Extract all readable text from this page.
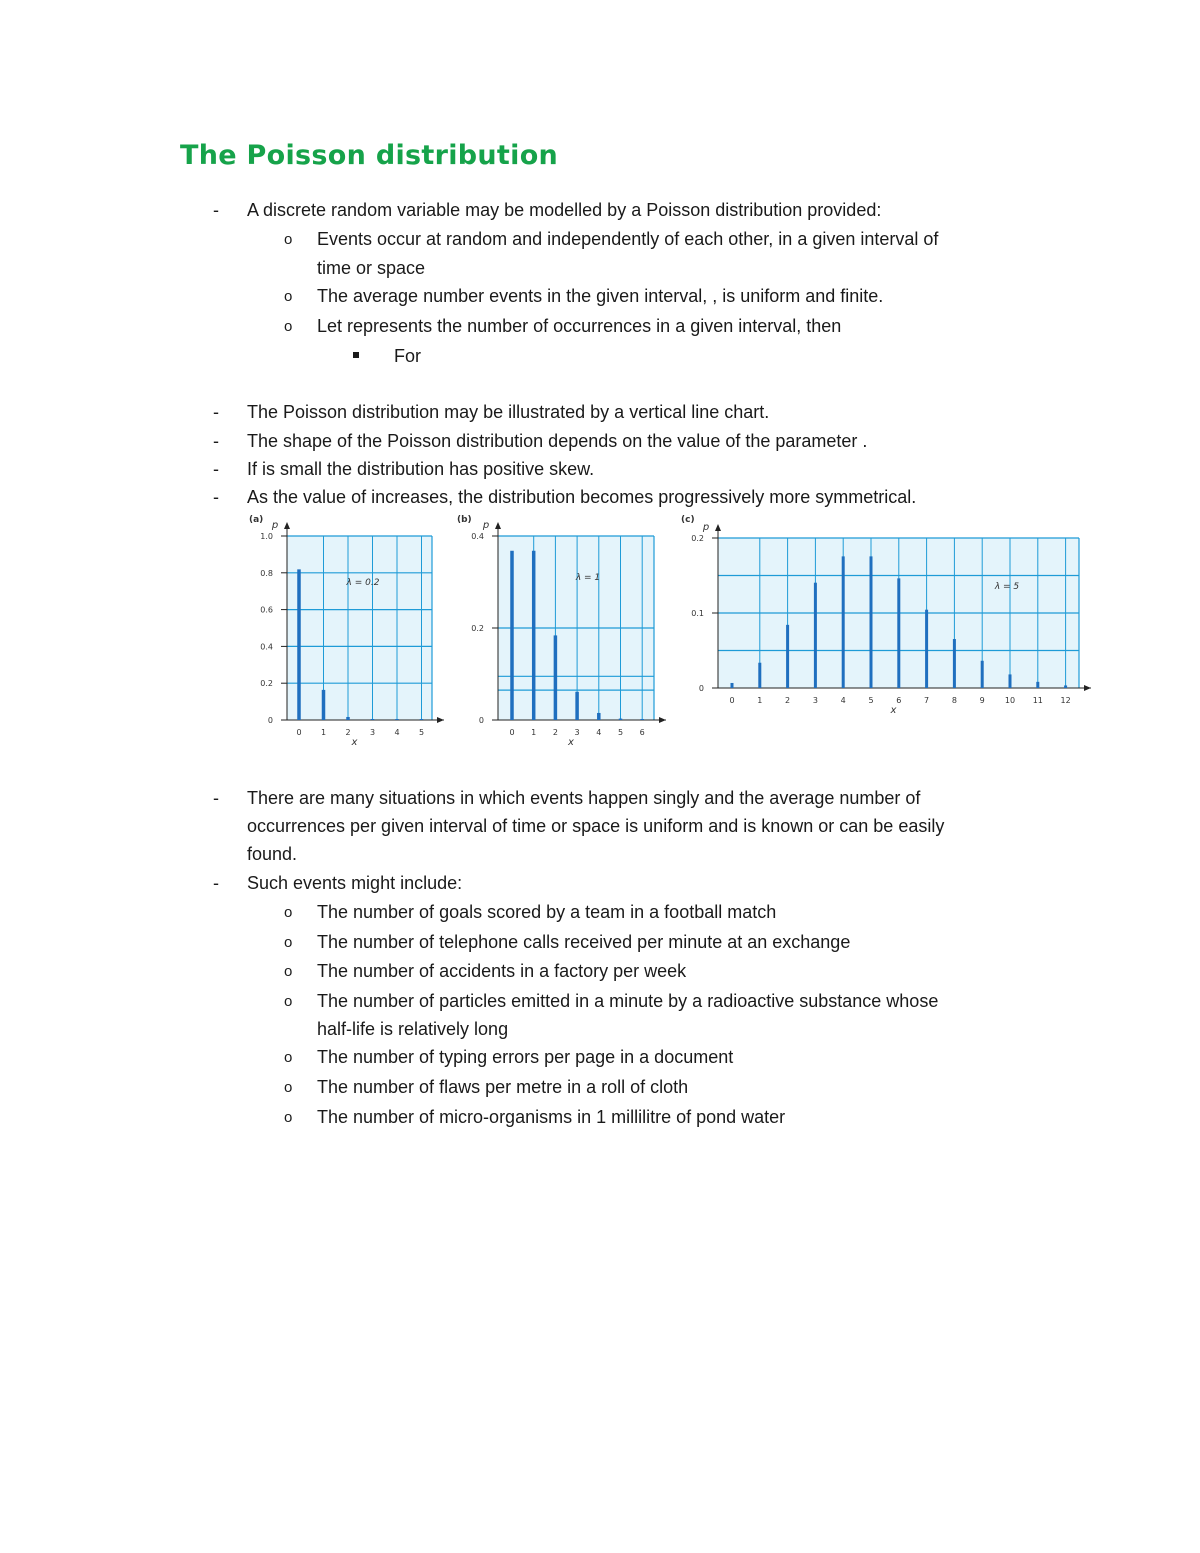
The Poisson distribution
-	A discrete random variable may be modelled by a Poisson distribution provided:
o Events occur at random and independently of each other, in a given interval of
time or space
o The average number events in the given interval, , is uniform and finite.
o Let represents the number of occurrences in a given interval, then
For
-	The Poisson distribution may be illustrated by a vertical line chart.
-	The shape of the Poisson distribution depends on the value of the parameter .
-	If is small the distribution has positive skew.
-	As the value of increases, the distribution becomes progressively more symmetrical.
0
0.2
0.4
0.6
0.8
1.0
0 1 2 3 4 5
x
p
(a)
λ = 0.2
0
0.2
0.4
0 1 2 3 4 5 6
x
p
(b)
λ = 1
0
0.1
0.2
0	1	2	3	4	5	6	7	8	9	10 11 12
x
p
(c)
λ = 5
-	There are many situations in which events happen singly and the average number of
occurrences per given interval of time or space is uniform and is known or can be easily
found.
-	Such events might include:
o The number of goals scored by a team in a football match
o The number of telephone calls received per minute at an exchange
o The number of accidents in a factory per week
o The number of particles emitted in a minute by a radioactive substance whose
half-life is relatively long
o The number of typing errors per page in a document
o The number of flaws per metre in a roll of cloth
o The number of micro-organisms in 1 millilitre of pond water
